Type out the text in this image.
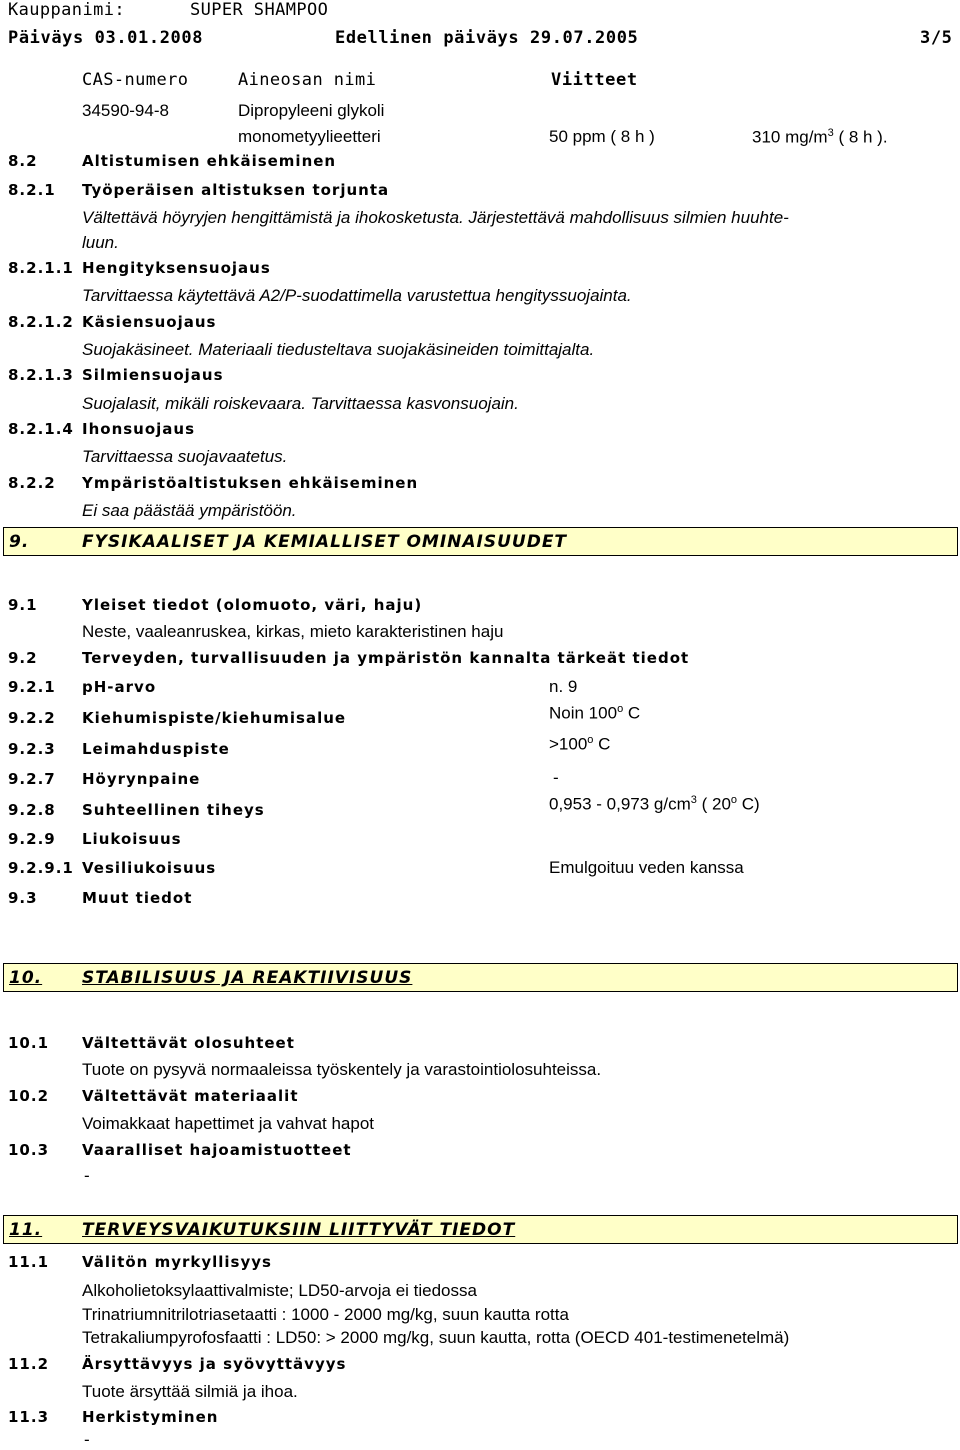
Kauppanimi:	SUPER SHAMPOO
Päiväys 03.01.2008	Edellinen päiväys 29.07.2005	3/5
CAS-numero	Aineosan nimi	Viitteet
34590-94-8	Dipropyleeni glykoli
monometyylieetteri	50 ppm ( 8 h )	310 $mg/m^3$ ( 8 h ).
8.2	Altistumisen ehkäiseminen
8.2.1 Työperäisen altistuksen torjunta
Vältettävä höyryjen hengittämistä ja ihokosketusta. Järjestettävä mahdollisuus silmien huuhte-
luun.
8.2.1.1 Hengityksensuojaus
Tarvittaessa käytettävä A2/P-suodattimella varustettua hengityssuojainta.
8.2.1.2 Käsiensuojaus
Suojakäsineet. Materiaali tiedusteltava suojakäsineiden toimittajalta.
8.2.1.3 Silmiensuojaus
Suojalasit, mikäli roiskevaara. Tarvittaessa kasvonsuojain.
8.2.1.4 Ihonsuojaus
Tarvittaessa suojavaatetus.
8.2.2 Ympäristöaltistuksen ehkäiseminen
Ei saa päästää ympäristöön.
9.	FYSIKAALISET JA KEMIALLISET OMINAISUUDET
9.1	Yleiset tiedot (olomuoto, väri, haju)
Neste, vaaleanruskea, kirkas, mieto karakteristinen haju
9.2	Terveyden, turvallisuuden ja ympäristön kannalta tärkeät tiedot
9.2.1 pH-arvo	n. 9
9.2.2 Kiehumispiste/kiehumisalue	Noin 100$^o$ C
9.2.3 Leimahduspiste	$>100^o$ C
9.2.7 Höyrynpaine	-
9.2.8 Suhteellinen tiheys	0,953 - 0,973 $g/cm^3$ ( 20$^o$ C)
9.2.9 Liukoisuus
9.2.9.1 Vesiliukoisuus	Emulgoituu veden kanssa
9.3	Muut tiedot
10. STABILISUUS JA REAKTIIVISUUS
10.1 Vältettävät olosuhteet
Tuote on pysyvä normaaleissa työskentely ja varastointiolosuhteissa.
10.2 Vältettävät materiaalit
Voimakkaat hapettimet ja vahvat hapot
10.3 Vaaralliset hajoamistuotteet
-
11. TERVEYSVAIKUTUKSIIN LIITTYVÄT TIEDOT
11.1 Välitön myrkyllisyys
Alkoholietoksylaattivalmiste; LD50-arvoja ei tiedossa
Trinatriumnitrilotriasetaatti : 1000 - 2000 mg/kg, suun kautta rotta
Tetrakaliumpyrofosfaatti : LD50: > 2000 mg/kg, suun kautta, rotta (OECD 401-testimenetelmä)
11.2 Ärsyttävyys ja syövyttävyys
Tuote ärsyttää silmiä ja ihoa.
11.3 Herkistyminen
-
